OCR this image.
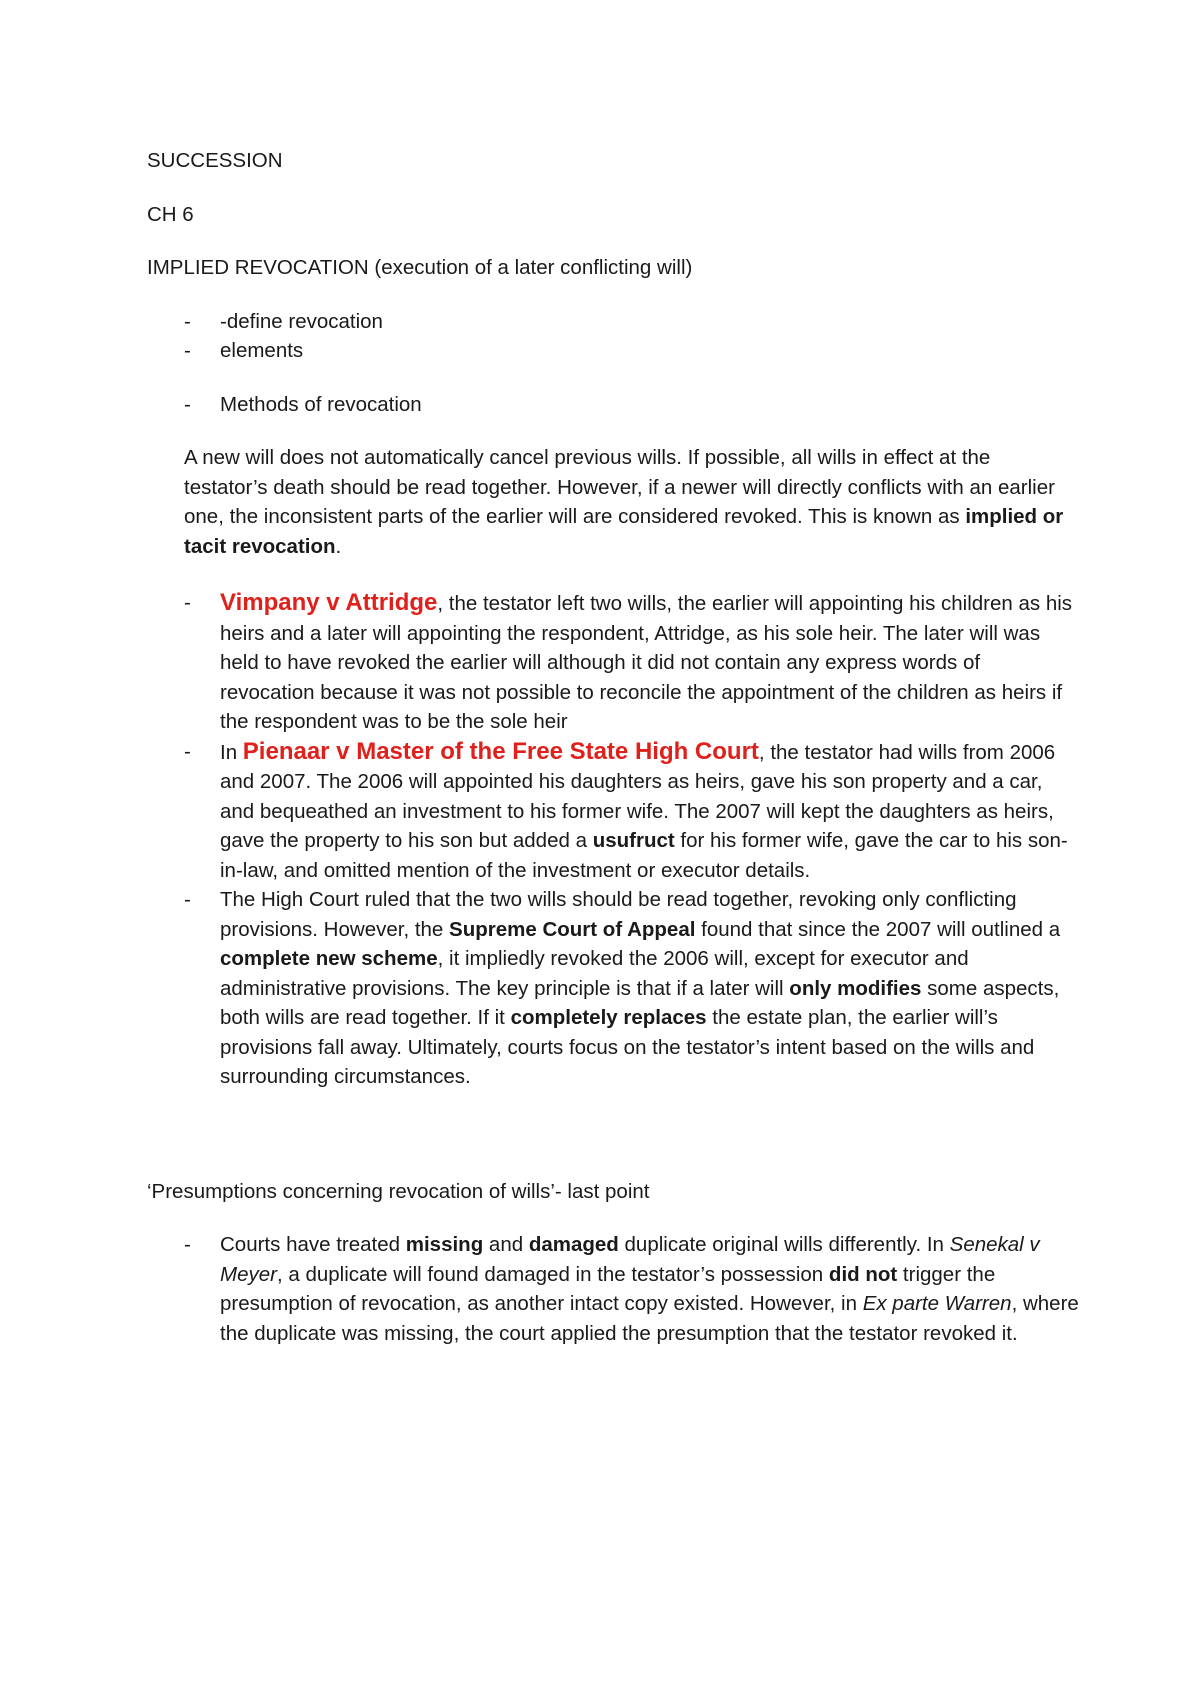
SUCCESSION

CH 6

IMPLIED REVOCATION (execution of a later conflicting will)

- -define revocation
- elements
- Methods of revocation

A new will does not automatically cancel previous wills. If possible, all wills in effect at the testator’s death should be read together. However, if a newer will directly conflicts with an earlier one, the inconsistent parts of the earlier will are considered revoked. This is known as implied or tacit revocation.

- Vimpany v Attridge, the testator left two wills, the earlier will appointing his children as his heirs and a later will appointing the respondent, Attridge, as his sole heir. The later will was held to have revoked the earlier will although it did not contain any express words of revocation because it was not possible to reconcile the appointment of the children as heirs if the respondent was to be the sole heir
- In Pienaar v Master of the Free State High Court, the testator had wills from 2006 and 2007. The 2006 will appointed his daughters as heirs, gave his son property and a car, and bequeathed an investment to his former wife. The 2007 will kept the daughters as heirs, gave the property to his son but added a usufruct for his former wife, gave the car to his son-in-law, and omitted mention of the investment or executor details.
- The High Court ruled that the two wills should be read together, revoking only conflicting provisions. However, the Supreme Court of Appeal found that since the 2007 will outlined a complete new scheme, it impliedly revoked the 2006 will, except for executor and administrative provisions. The key principle is that if a later will only modifies some aspects, both wills are read together. If it completely replaces the estate plan, the earlier will’s provisions fall away. Ultimately, courts focus on the testator’s intent based on the wills and surrounding circumstances.

‘Presumptions concerning revocation of wills’- last point

- Courts have treated missing and damaged duplicate original wills differently. In Senekal v Meyer, a duplicate will found damaged in the testator’s possession did not trigger the presumption of revocation, as another intact copy existed. However, in Ex parte Warren, where the duplicate was missing, the court applied the presumption that the testator revoked it.
